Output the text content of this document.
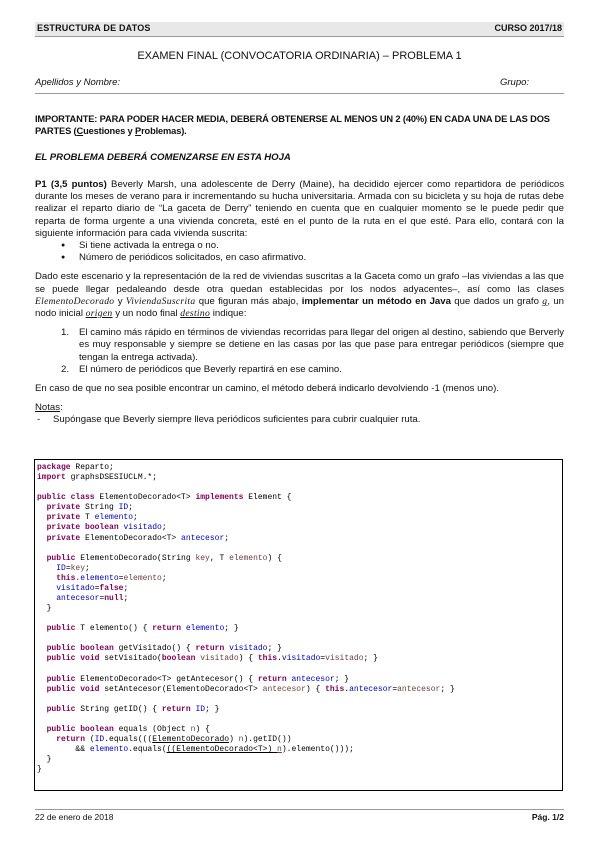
ESTRUCTURA DE DATOS	CURSO 2017/18
EXAMEN FINAL (CONVOCATORIA ORDINARIA) – PROBLEMA 1
Apellidos y Nombre:	Grupo:

IMPORTANTE: PARA PODER HACER MEDIA, DEBERÁ OBTENERSE AL MENOS UN 2 (40%) EN CADA UNA DE LAS DOS
PARTES (Cuestiones y Problemas).

EL PROBLEMA DEBERÁ COMENZARSE EN ESTA HOJA

P1 (3,5 puntos) Beverly Marsh, una adolescente de Derry (Maine), ha decidido ejercer como repartidora de periódicos durante los meses de verano para ir incrementando su hucha universitaria. Armada con su bicicleta y su hoja de rutas debe realizar el reparto diario de “La gaceta de Derry” teniendo en cuenta que en cualquier momento se le puede pedir que reparta de forma urgente a una vivienda concreta, esté en el punto de la ruta en el que esté. Para ello, contará con la siguiente información para cada vivienda suscrita:

● Si tiene activada la entrega o no.
● Número de periódicos solicitados, en caso afirmativo.

Dado este escenario y la representación de la red de viviendas suscritas a la Gaceta como un grafo –las viviendas a las que se puede llegar pedaleando desde otra quedan establecidas por los nodos adyacentes–, así como las clases ElementoDecorado y ViviendaSuscrita que figuran más abajo, implementar un método en Java que dados un grafo g, un nodo inicial origen y un nodo final destino indique:

1. El camino más rápido en términos de viviendas recorridas para llegar del origen al destino, sabiendo que Berverly es muy responsable y siempre se detiene en las casas por las que pase para entregar periódicos (siempre que tengan la entrega activada).
2. El número de periódicos que Beverly repartirá en ese camino.

En caso de que no sea posible encontrar un camino, el método deberá indicarlo devolviendo -1 (menos uno).

Notas:

- Supóngase que Beverly siempre lleva periódicos suficientes para cubrir cualquier ruta.
package Reparto;
import graphsDSESIUCLM.*;

public class ElementoDecorado<T> implements Element {
private String ID;
private T elemento;
private boolean visitado;
private ElementoDecorado<T> antecesor;

public ElementoDecorado(String key, T elemento) {
ID=key;
this.elemento=elemento;
visitado=false;
antecesor=null;
}

public T elemento() { return elemento; }

public boolean getVisitado() { return visitado; }
public void setVisitado(boolean visitado) { this.visitado=visitado; }

public ElementoDecorado<T> getAntecesor() { return antecesor; }
public void setAntecesor(ElementoDecorado<T> antecesor) { this.antecesor=antecesor; }

public String getID() { return ID; }

public boolean equals (Object n) {
return (ID.equals(((ElementoDecorado) n).getID())
&& elemento.equals(((ElementoDecorado<T>) n).elemento()));
}
}
22 de enero de 2018	Pág. 1/2
